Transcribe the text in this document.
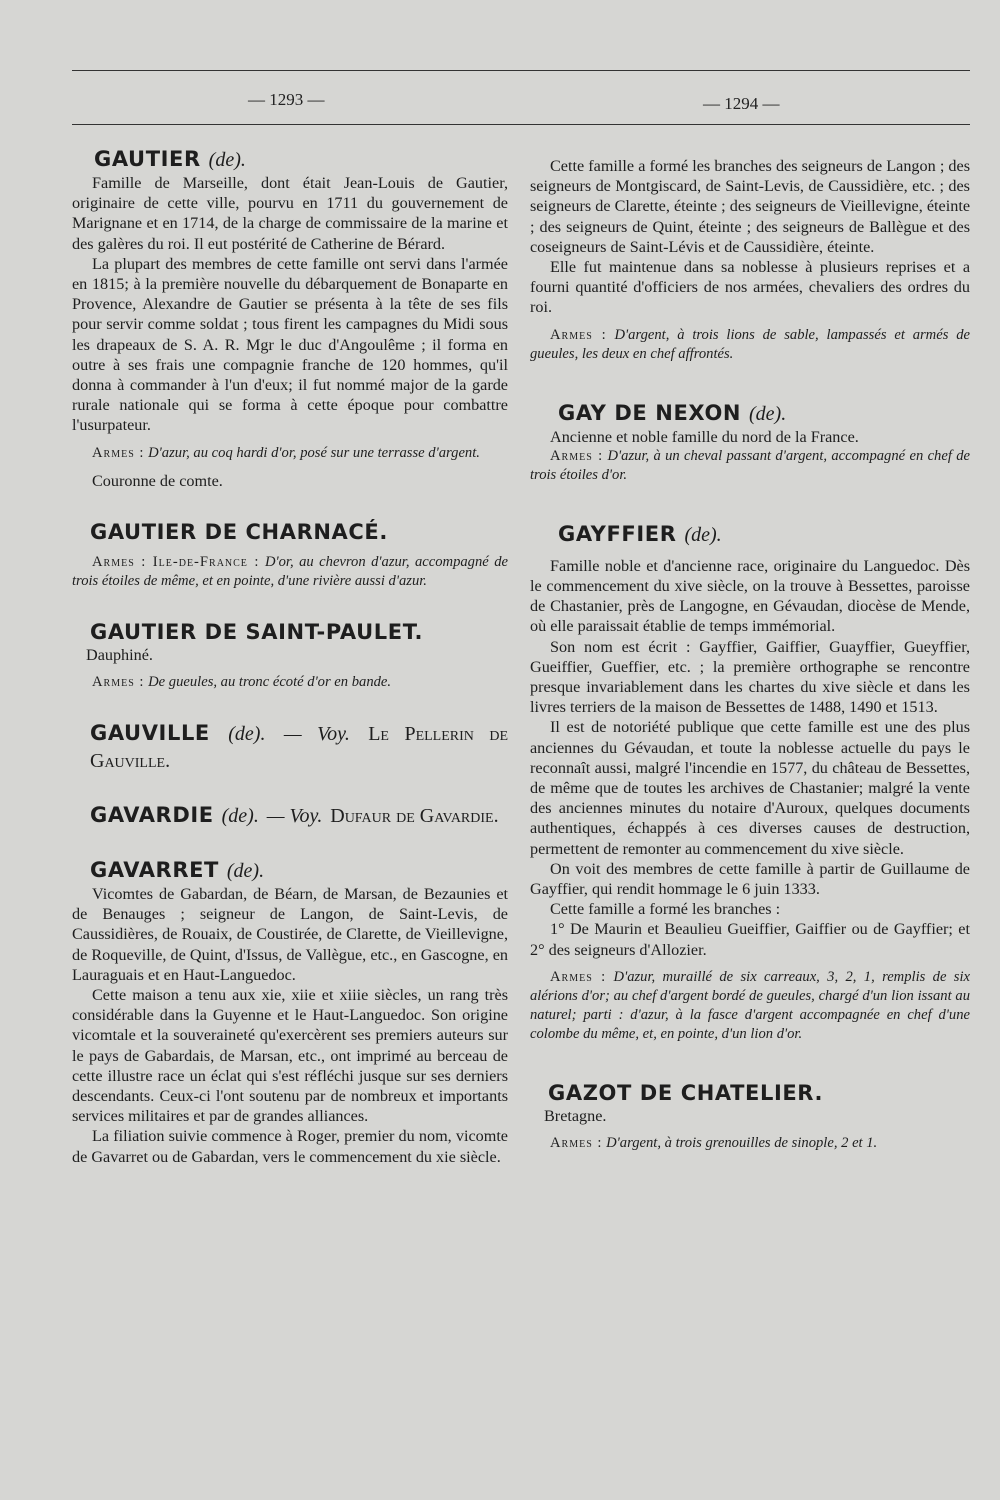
— 1293 —	— 1294 —
GAUTIER (de).

Famille de Marseille, dont était Jean-Louis de Gautier, originaire de cette ville, pourvu en 1711 du gouvernement de Marignane et en 1714, de la charge de commissaire de la marine et des galères du roi. Il eut postérité de Catherine de Bérard.

La plupart des membres de cette famille ont servi dans l'armée en 1815; à la première nouvelle du débarquement de Bonaparte en Provence, Alexandre de Gautier se présenta à la tête de ses fils pour servir comme soldat ; tous firent les campagnes du Midi sous les drapeaux de S. A. R. Mgr le duc d'Angoulême ; il forma en outre à ses frais une compagnie franche de 120 hommes, qu'il donna à commander à l'un d'eux; il fut nommé major de la garde rurale nationale qui se forma à cette époque pour combattre l'usurpateur.

Armes : D'azur, au coq hardi d'or, posé sur une terrasse d'argent.

Couronne de comte.

GAUTIER DE CHARNACÉ.

Armes : Ile-de-France : D'or, au chevron d'azur, accompagné de trois étoiles de même, et en pointe, d'une rivière aussi d'azur.

GAUTIER DE SAINT-PAULET.

Dauphiné.

Armes : De gueules, au tronc écoté d'or en bande.

GAUVILLE (de). — Voy. Le Pellerin de Gauville.
GAVARDIE (de). — Voy. Dufaur de Gavardie.
GAVARRET (de).

Vicomtes de Gabardan, de Béarn, de Marsan, de Bezaunies et de Benauges ; seigneur de Langon, de Saint-Levis, de Caussidières, de Rouaix, de Coustirée, de Clarette, de Vieillevigne, de Roqueville, de Quint, d'Issus, de Vallègue, etc., en Gascogne, en Lauraguais et en Haut-Languedoc.

Cette maison a tenu aux xie, xiie et xiiie siècles, un rang très considérable dans la Guyenne et le Haut-Languedoc. Son origine vicomtale et la souveraineté qu'exercèrent ses premiers auteurs sur le pays de Gabardais, de Marsan, etc., ont imprimé au berceau de cette illustre race un éclat qui s'est réfléchi jusque sur ses derniers descendants. Ceux-ci l'ont soutenu par de nombreux et importants services militaires et par de grandes alliances.

La filiation suivie commence à Roger, premier du nom, vicomte de Gavarret ou de Gabardan, vers le commencement du xie siècle.

Cette famille a formé les branches des seigneurs de Langon ; des seigneurs de Montgiscard, de Saint-Levis, de Caussidière, etc. ; des seigneurs de Clarette, éteinte ; des seigneurs de Vieillevigne, éteinte ; des seigneurs de Quint, éteinte ; des seigneurs de Ballègue et des coseigneurs de Saint-Lévis et de Caussidière, éteinte.

Elle fut maintenue dans sa noblesse à plusieurs reprises et a fourni quantité d'officiers de nos armées, chevaliers des ordres du roi.

Armes : D'argent, à trois lions de sable, lampassés et armés de gueules, les deux en chef affrontés.

GAY DE NEXON (de).

Ancienne et noble famille du nord de la France.

Armes : D'azur, à un cheval passant d'argent, accompagné en chef de trois étoiles d'or.

GAYFFIER (de).

Famille noble et d'ancienne race, originaire du Languedoc. Dès le commencement du xive siècle, on la trouve à Bessettes, paroisse de Chastanier, près de Langogne, en Gévaudan, diocèse de Mende, où elle paraissait établie de temps immémorial.

Son nom est écrit : Gayffier, Gaiffier, Guayffier, Gueyffier, Gueiffier, Gueffier, etc. ; la première orthographe se rencontre presque invariablement dans les chartes du xive siècle et dans les livres terriers de la maison de Bessettes de 1488, 1490 et 1513.

Il est de notoriété publique que cette famille est une des plus anciennes du Gévaudan, et toute la noblesse actuelle du pays le reconnaît aussi, malgré l'incendie en 1577, du château de Bessettes, de même que de toutes les archives de Chastanier; malgré la vente des anciennes minutes du notaire d'Auroux, quelques documents authentiques, échappés à ces diverses causes de destruction, permettent de remonter au commencement du xive siècle.

On voit des membres de cette famille à partir de Guillaume de Gayffier, qui rendit hommage le 6 juin 1333.

Cette famille a formé les branches :

1° De Maurin et Beaulieu Gueiffier, Gaiffier ou de Gayffier; et 2° des seigneurs d'Allozier.

Armes : D'azur, muraillé de six carreaux, 3, 2, 1, remplis de six alérions d'or; au chef d'argent bordé de gueules, chargé d'un lion issant au naturel; parti : d'azur, à la fasce d'argent accompagnée en chef d'une colombe du même, et, en pointe, d'un lion d'or.

GAZOT DE CHATELIER.

Bretagne.

Armes : D'argent, à trois grenouilles de sinople, 2 et 1.
